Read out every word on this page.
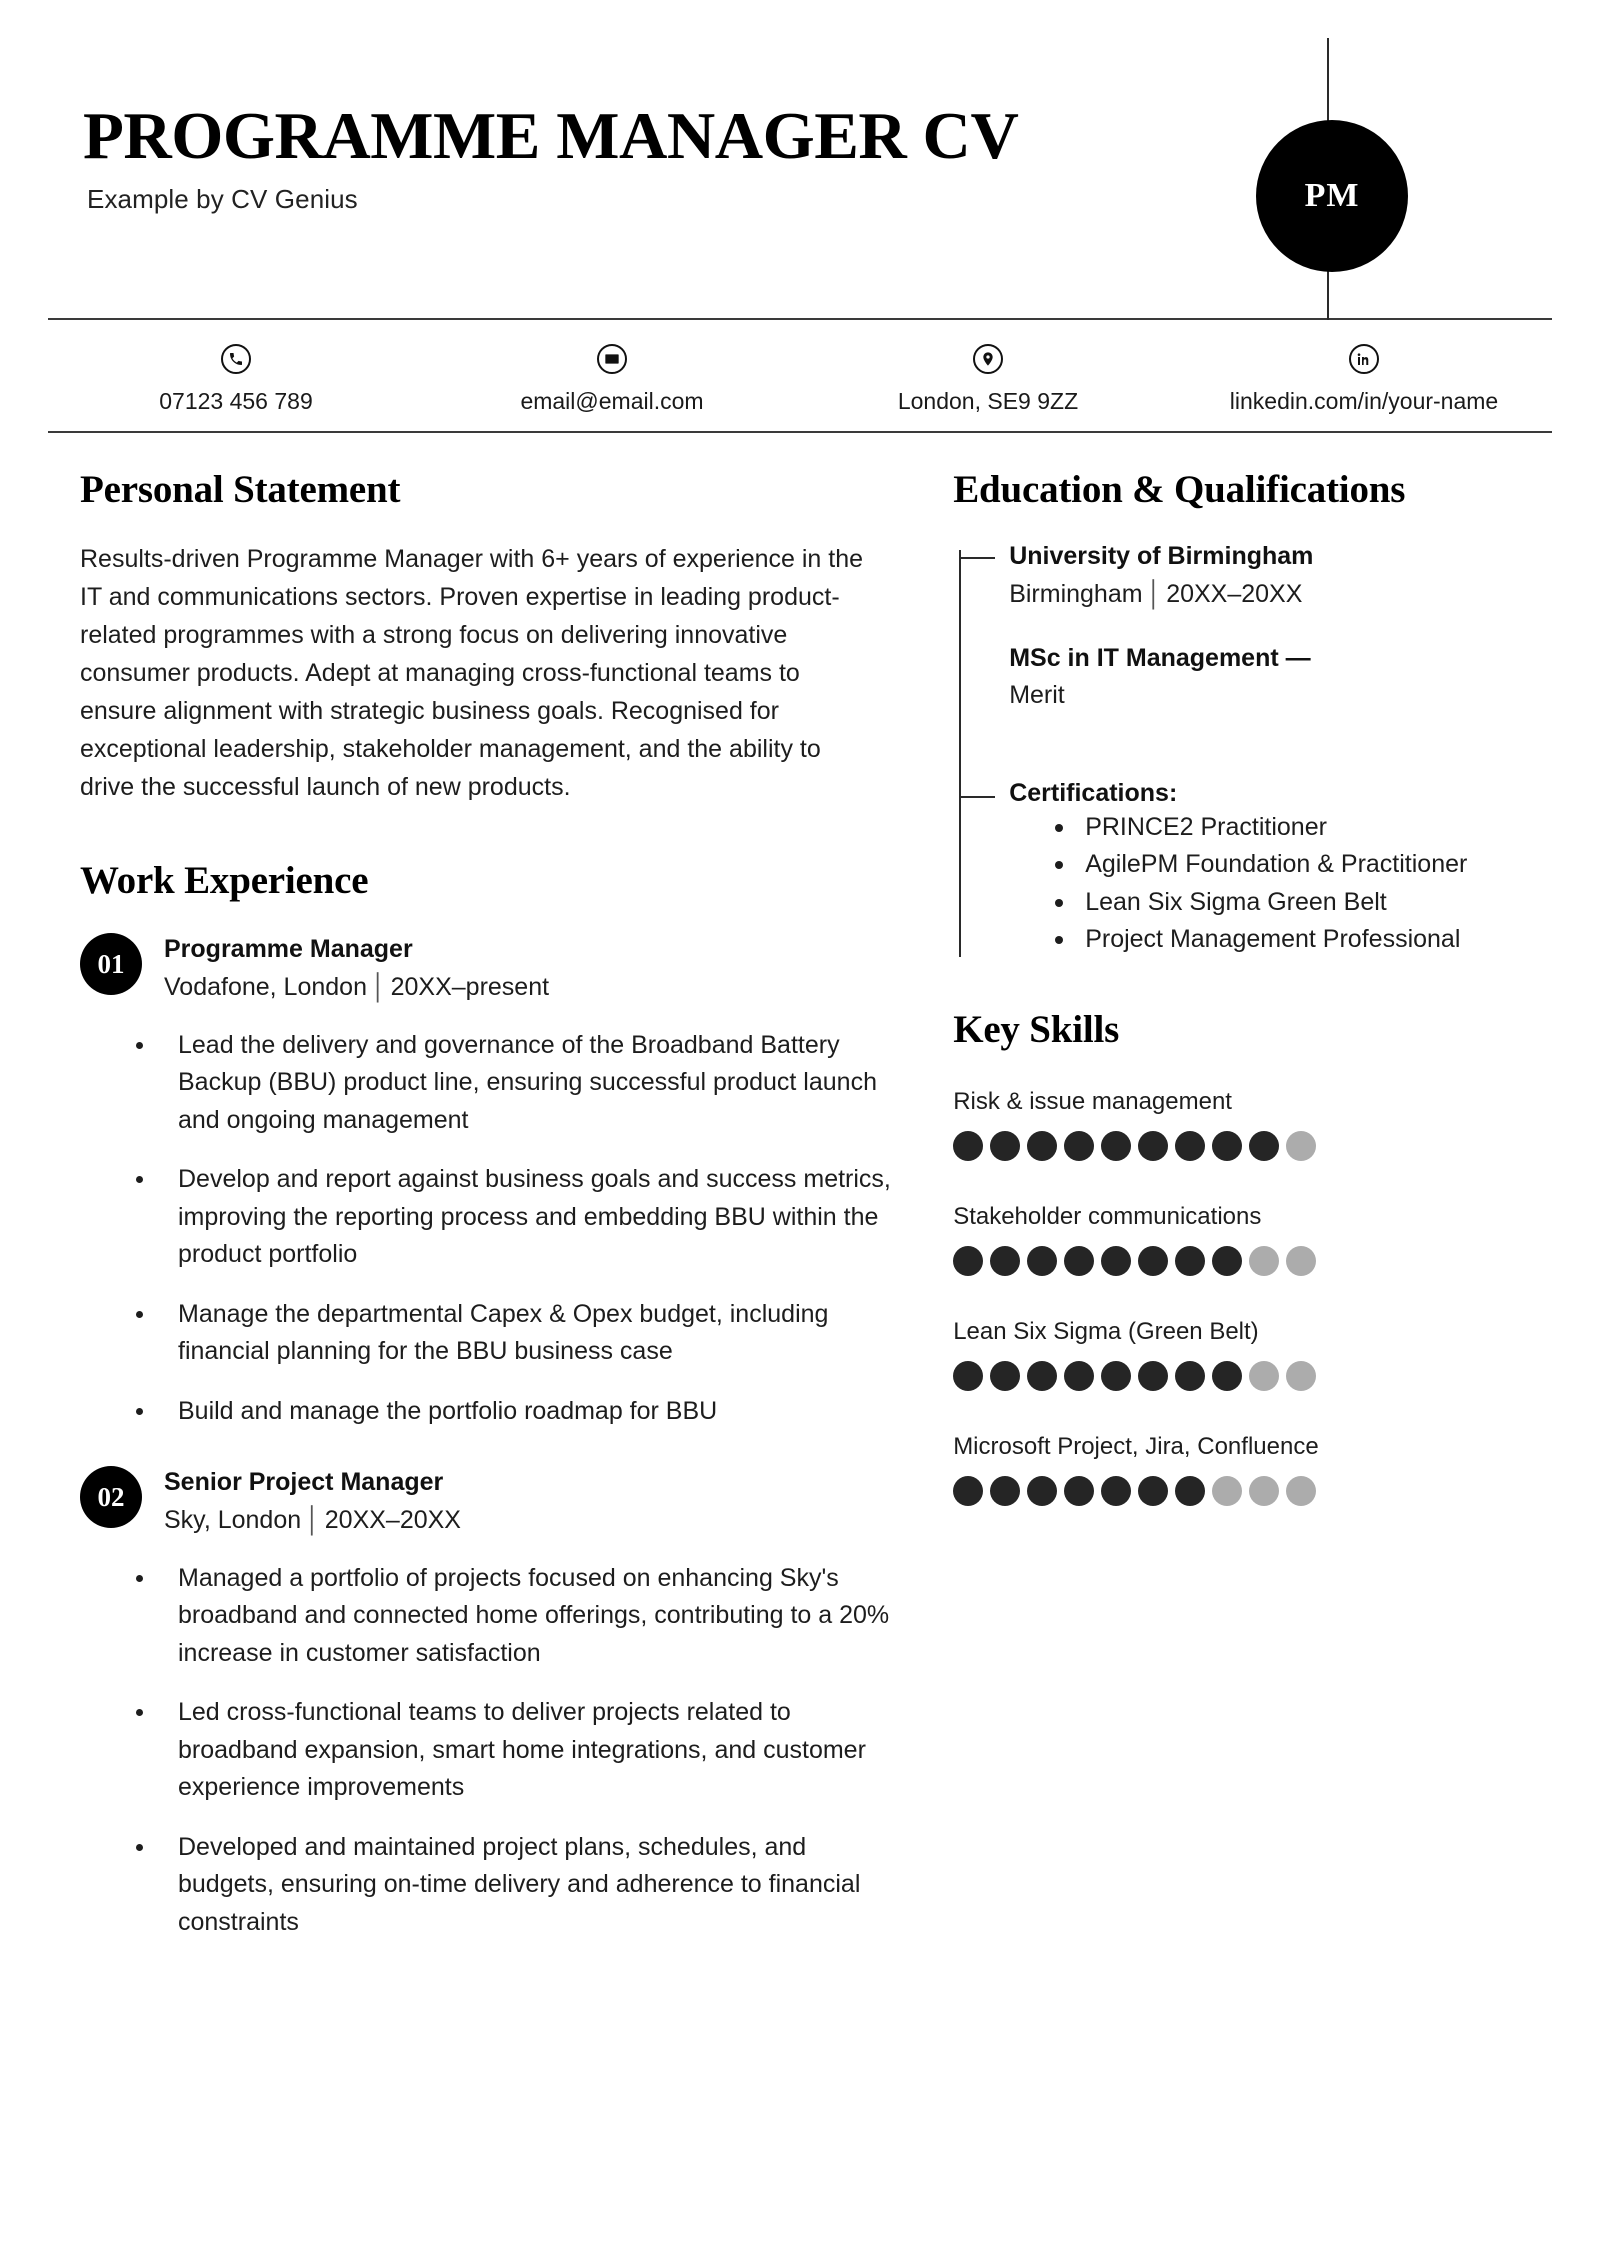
PROGRAMME MANAGER CV
Example by CV Genius	PM
07123 456 789	email@email.com	London, SE9 9ZZ	linkedin.com/in/your-name
Personal Statement

Results-driven Programme Manager with 6+ years of experience in the IT and communications sectors. Proven expertise in leading product-related programmes with a strong focus on delivering innovative consumer products. Adept at managing cross-functional teams to ensure alignment with strategic business goals. Recognised for exceptional leadership, stakeholder management, and the ability to drive the successful launch of new products.

Work Experience
01	Programme Manager

Vodafone, London │ 20XX–present

Lead the delivery and governance of the Broadband Battery Backup (BBU) product line, ensuring successful product launch and ongoing management
Develop and report against business goals and success metrics, improving the reporting process and embedding BBU within the product portfolio
Manage the departmental Capex & Opex budget, including financial planning for the BBU business case
Build and manage the portfolio roadmap for BBU
02	Senior Project Manager

Sky, London │ 20XX–20XX

Managed a portfolio of projects focused on enhancing Sky's broadband and connected home offerings, contributing to a 20% increase in customer satisfaction
Led cross-functional teams to deliver projects related to broadband expansion, smart home integrations, and customer experience improvements
Developed and maintained project plans, schedules, and budgets, ensuring on-time delivery and adherence to financial constraints
Education & Qualifications

University of Birmingham

Birmingham │ 20XX–20XX

MSc in IT Management —

Merit

Certifications:

PRINCE2 Practitioner
AgilePM Foundation & Practitioner
Lean Six Sigma Green Belt
Project Management Professional
Key Skills

Risk & issue management

Stakeholder communications

Lean Six Sigma (Green Belt)

Microsoft Project, Jira, Confluence
